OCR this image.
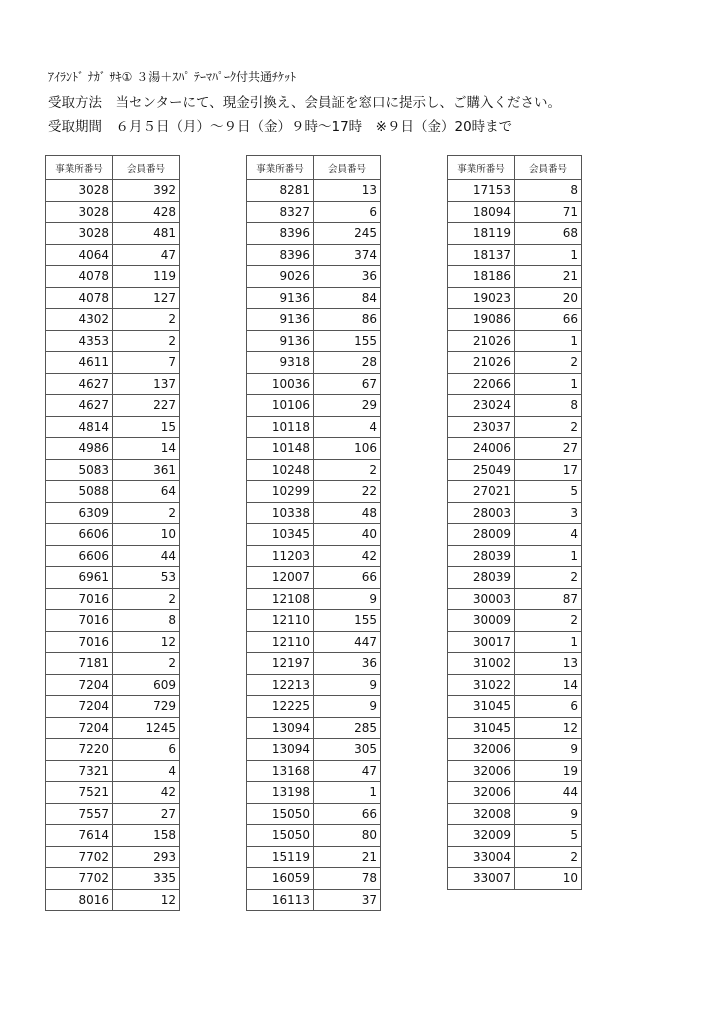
ｱｲﾗﾝﾄﾞ ﾅｶﾞ ｻｷ① ３湯＋ｽﾊﾟ ﾃｰﾏﾊﾟｰｸ付共通ﾁｹｯﾄ
受取方法　当センターにて、現金引換え、会員証を窓口に提示し、ご購入ください。
受取期間　６月５日（月）～９日（金）９時～17時　※９日（金）20時まで
事業所番号	会員番号
3028	392
3028	428
3028	481
4064	47
4078	119
4078	127
4302	2
4353	2
4611	7
4627	137
4627	227
4814	15
4986	14
5083	361
5088	64
6309	2
6606	10
6606	44
6961	53
7016	2
7016	8
7016	12
7181	2
7204	609
7204	729
7204	1245
7220	6
7321	4
7521	42
7557	27
7614	158
7702	293
7702	335
8016	12
事業所番号	会員番号
8281	13
8327	6
8396	245
8396	374
9026	36
9136	84
9136	86
9136	155
9318	28
10036	67
10106	29
10118	4
10148	106
10248	2
10299	22
10338	48
10345	40
11203	42
12007	66
12108	9
12110	155
12110	447
12197	36
12213	9
12225	9
13094	285
13094	305
13168	47
13198	1
15050	66
15050	80
15119	21
16059	78
16113	37
事業所番号	会員番号
17153	8
18094	71
18119	68
18137	1
18186	21
19023	20
19086	66
21026	1
21026	2
22066	1
23024	8
23037	2
24006	27
25049	17
27021	5
28003	3
28009	4
28039	1
28039	2
30003	87
30009	2
30017	1
31002	13
31022	14
31045	6
31045	12
32006	9
32006	19
32006	44
32008	9
32009	5
33004	2
33007	10
